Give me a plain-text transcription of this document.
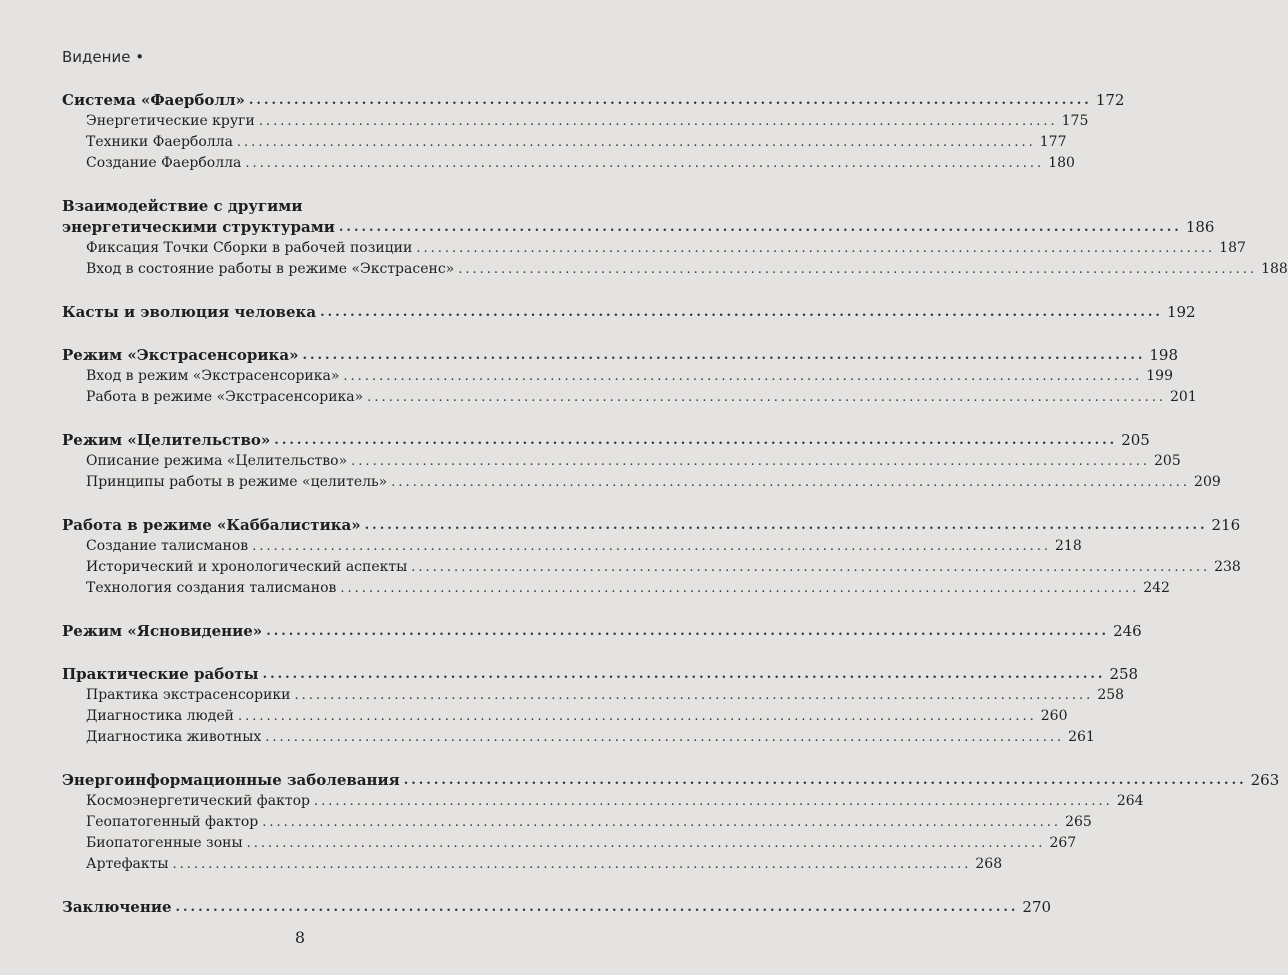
Видение •
Система «Фаерболл» ................................................................................................................ 172
Энергетические круги ................................................................................................................ 175
Техники Фаерболла ................................................................................................................ 177
Создание Фаерболла ................................................................................................................ 180
Взаимодействие с другими
энергетическими структурами ................................................................................................................ 186
Фиксация Точки Сборки в рабочей позиции ................................................................................................................ 187
Вход в состояние работы в режиме «Экстрасенс» ................................................................................................................ 188
Касты и эволюция человека ................................................................................................................ 192
Режим «Экстрасенсорика» ................................................................................................................ 198
Вход в режим «Экстрасенсорика» ................................................................................................................ 199
Работа в режиме «Экстрасенсорика» ................................................................................................................ 201
Режим «Целительство» ................................................................................................................ 205
Описание режима «Целительство» ................................................................................................................ 205
Принципы работы в режиме «целитель» ................................................................................................................ 209
Работа в режиме «Каббалистика» ................................................................................................................ 216
Создание талисманов ................................................................................................................ 218
Исторический и хронологический аспекты ................................................................................................................ 238
Технология создания талисманов ................................................................................................................ 242
Режим «Ясновидение» ................................................................................................................ 246
Практические работы ................................................................................................................ 258
Практика экстрасенсорики ................................................................................................................ 258
Диагностика людей ................................................................................................................ 260
Диагностика животных ................................................................................................................ 261
Энергоинформационные заболевания ................................................................................................................ 263
Космоэнергетический фактор ................................................................................................................ 264
Геопатогенный фактор ................................................................................................................ 265
Биопатогенные зоны ................................................................................................................ 267
Артефакты ................................................................................................................ 268
Заключение ................................................................................................................ 270
8
